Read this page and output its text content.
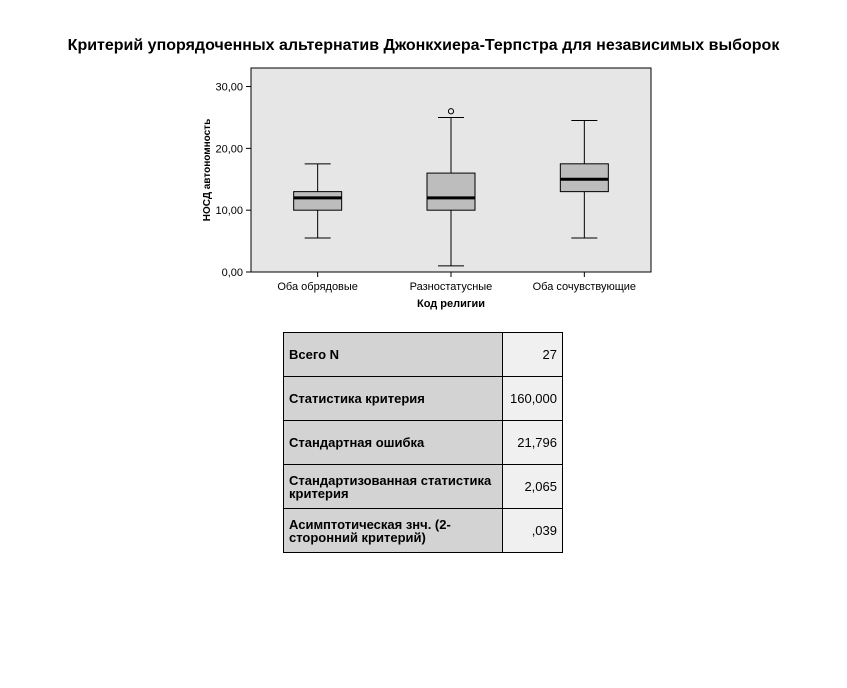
Критерий упорядоченных альтернатив Джонкхиера-Терпстра для независимых выборок
0,00
10,00
20,00
30,00
НОСД автономность
Оба обрядовые	Разностатусные	Оба сочувствующие
Код религии
Всего N	27
Статистика критерия	160,000
Стандартная ошибка	21,796
Стандартизованная статистика критерия	2,065
Асимптотическая знч. (2-сторонний критерий)	,039
